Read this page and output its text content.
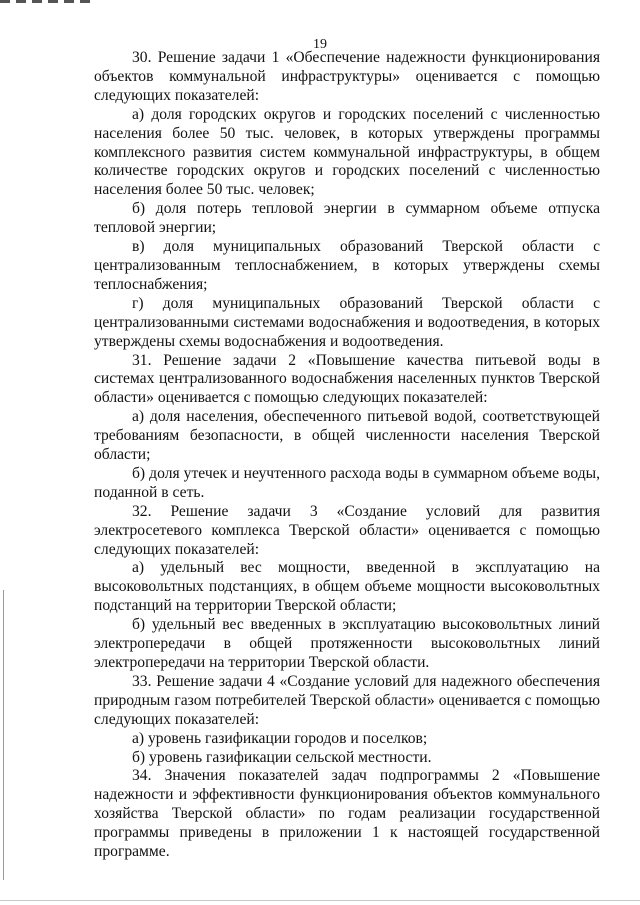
19

30. Решение задачи 1 «Обеспечение надежности функционирования объектов коммунальной инфраструктуры» оценивается с помощью следующих показателей:

а) доля городских округов и городских поселений с численностью населения более 50 тыс. человек, в которых утверждены программы комплексного развития систем коммунальной инфраструктуры, в общем количестве городских округов и городских поселений с численностью населения более 50 тыс. человек;

б) доля потерь тепловой энергии в суммарном объеме отпуска тепловой энергии;

в) доля муниципальных образований Тверской области с централизованным теплоснабжением, в которых утверждены схемы теплоснабжения;

г) доля муниципальных образований Тверской области с централизованными системами водоснабжения и водоотведения, в которых утверждены схемы водоснабжения и водоотведения.

31. Решение задачи 2 «Повышение качества питьевой воды в системах централизованного водоснабжения населенных пунктов Тверской области» оценивается с помощью следующих показателей:

а) доля населения, обеспеченного питьевой водой, соответствующей требованиям безопасности, в общей численности населения Тверской области;

б) доля утечек и неучтенного расхода воды в суммарном объеме воды, поданной в сеть.

32. Решение задачи 3 «Создание условий для развития электросетевого комплекса Тверской области» оценивается с помощью следующих показателей:

а) удельный вес мощности, введенной в эксплуатацию на высоковольтных подстанциях, в общем объеме мощности высоковольтных подстанций на территории Тверской области;

б) удельный вес введенных в эксплуатацию высоковольтных линий электропередачи в общей протяженности высоковольтных линий электропередачи на территории Тверской области.

33. Решение задачи 4 «Создание условий для надежного обеспечения природным газом потребителей Тверской области» оценивается с помощью следующих показателей:

а) уровень газификации городов и поселков;

б) уровень газификации сельской местности.

34. Значения показателей задач подпрограммы 2 «Повышение надежности и эффективности функционирования объектов коммунального хозяйства Тверской области» по годам реализации государственной программы приведены в приложении 1 к настоящей государственной программе.
